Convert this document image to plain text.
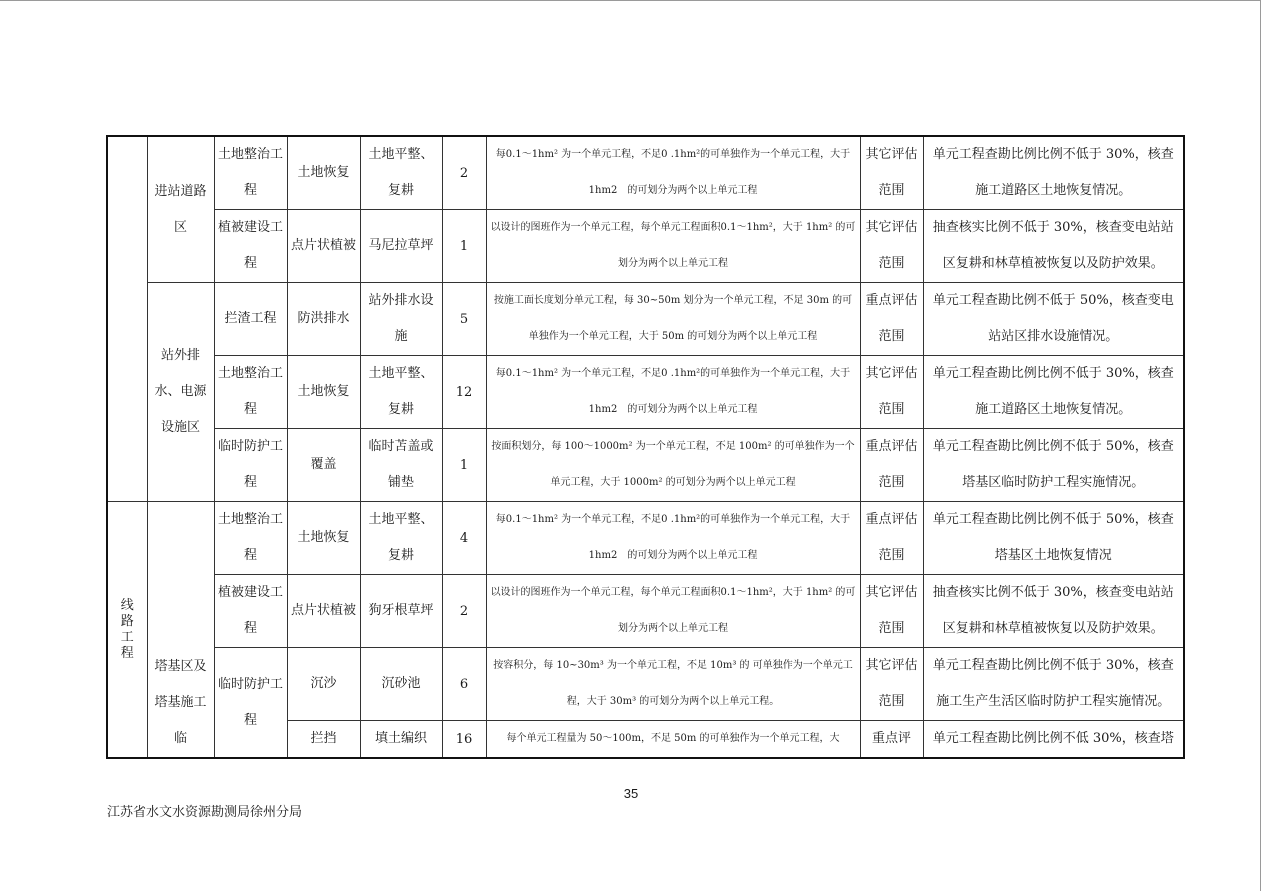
	进站道路区	土地整治工程	土地恢复	土地平整、复耕	2	每0.1～1hm² 为一个单元工程，不足0 .1hm²的可单独作为一个单元工程，大于 1hm2　的可划分为两个以上单元工程	其它评估范围	单元工程查勘比例比例不低于 30%，核查施工道路区土地恢复情况。
		植被建设工程	点片状植被	马尼拉草坪	1	以设计的图班作为一个单元工程，每个单元工程面积0.1～1hm²，大于 1hm² 的可划分为两个以上单元工程	其它评估范围	抽查核实比例不低于 30%，核查变电站站区复耕和林草植被恢复以及防护效果。
	站外排水、电源设施区	拦渣工程	防洪排水	站外排水设施	5	按施工面长度划分单元工程，每 30~50m 划分为一个单元工程，不足 30m 的可单独作为一个单元工程，大于 50m 的可划分为两个以上单元工程	重点评估范围	单元工程查勘比例不低于 50%，核查变电站站区排水设施情况。
		土地整治工程	土地恢复	土地平整、复耕	12	每0.1～1hm² 为一个单元工程，不足0 .1hm²的可单独作为一个单元工程，大于 1hm2　的可划分为两个以上单元工程	其它评估范围	单元工程查勘比例比例不低于 30%，核查施工道路区土地恢复情况。
		临时防护工程	覆盖	临时苫盖或铺垫	1	按面积划分，每 100～1000m² 为一个单元工程，不足 100m² 的可单独作为一个单元工程，大于 1000m² 的可划分为两个以上单元工程	重点评估范围	单元工程查勘比例比例不低于 50%，核查塔基区临时防护工程实施情况。
线路工程	塔基区及塔基施工临	土地整治工程	土地恢复	土地平整、复耕	4	每0.1～1hm² 为一个单元工程，不足0 .1hm²的可单独作为一个单元工程，大于 1hm2　的可划分为两个以上单元工程	重点评估范围	单元工程查勘比例比例不低于 50%，核查塔基区土地恢复情况
		植被建设工程	点片状植被	狗牙根草坪	2	以设计的图班作为一个单元工程，每个单元工程面积0.1～1hm²，大于 1hm² 的可划分为两个以上单元工程	其它评估范围	抽查核实比例不低于 30%，核查变电站站区复耕和林草植被恢复以及防护效果。
		临时防护工程	沉沙	沉砂池	6	按容积分，每 10~30m³ 为一个单元工程，不足 10m³ 的 可单独作为一个单元工程，大于 30m³ 的可划分为两个以上单元工程。	其它评估范围	单元工程查勘比例比例不低于 30%，核查施工生产生活区临时防护工程实施情况。
			拦挡	填土编织	16	每个单元工程量为 50～100m，不足 50m 的可单独作为一个单元工程，大	重点评	单元工程查勘比例比例不低 30%，核查塔
35
江苏省水文水资源勘测局徐州分局
